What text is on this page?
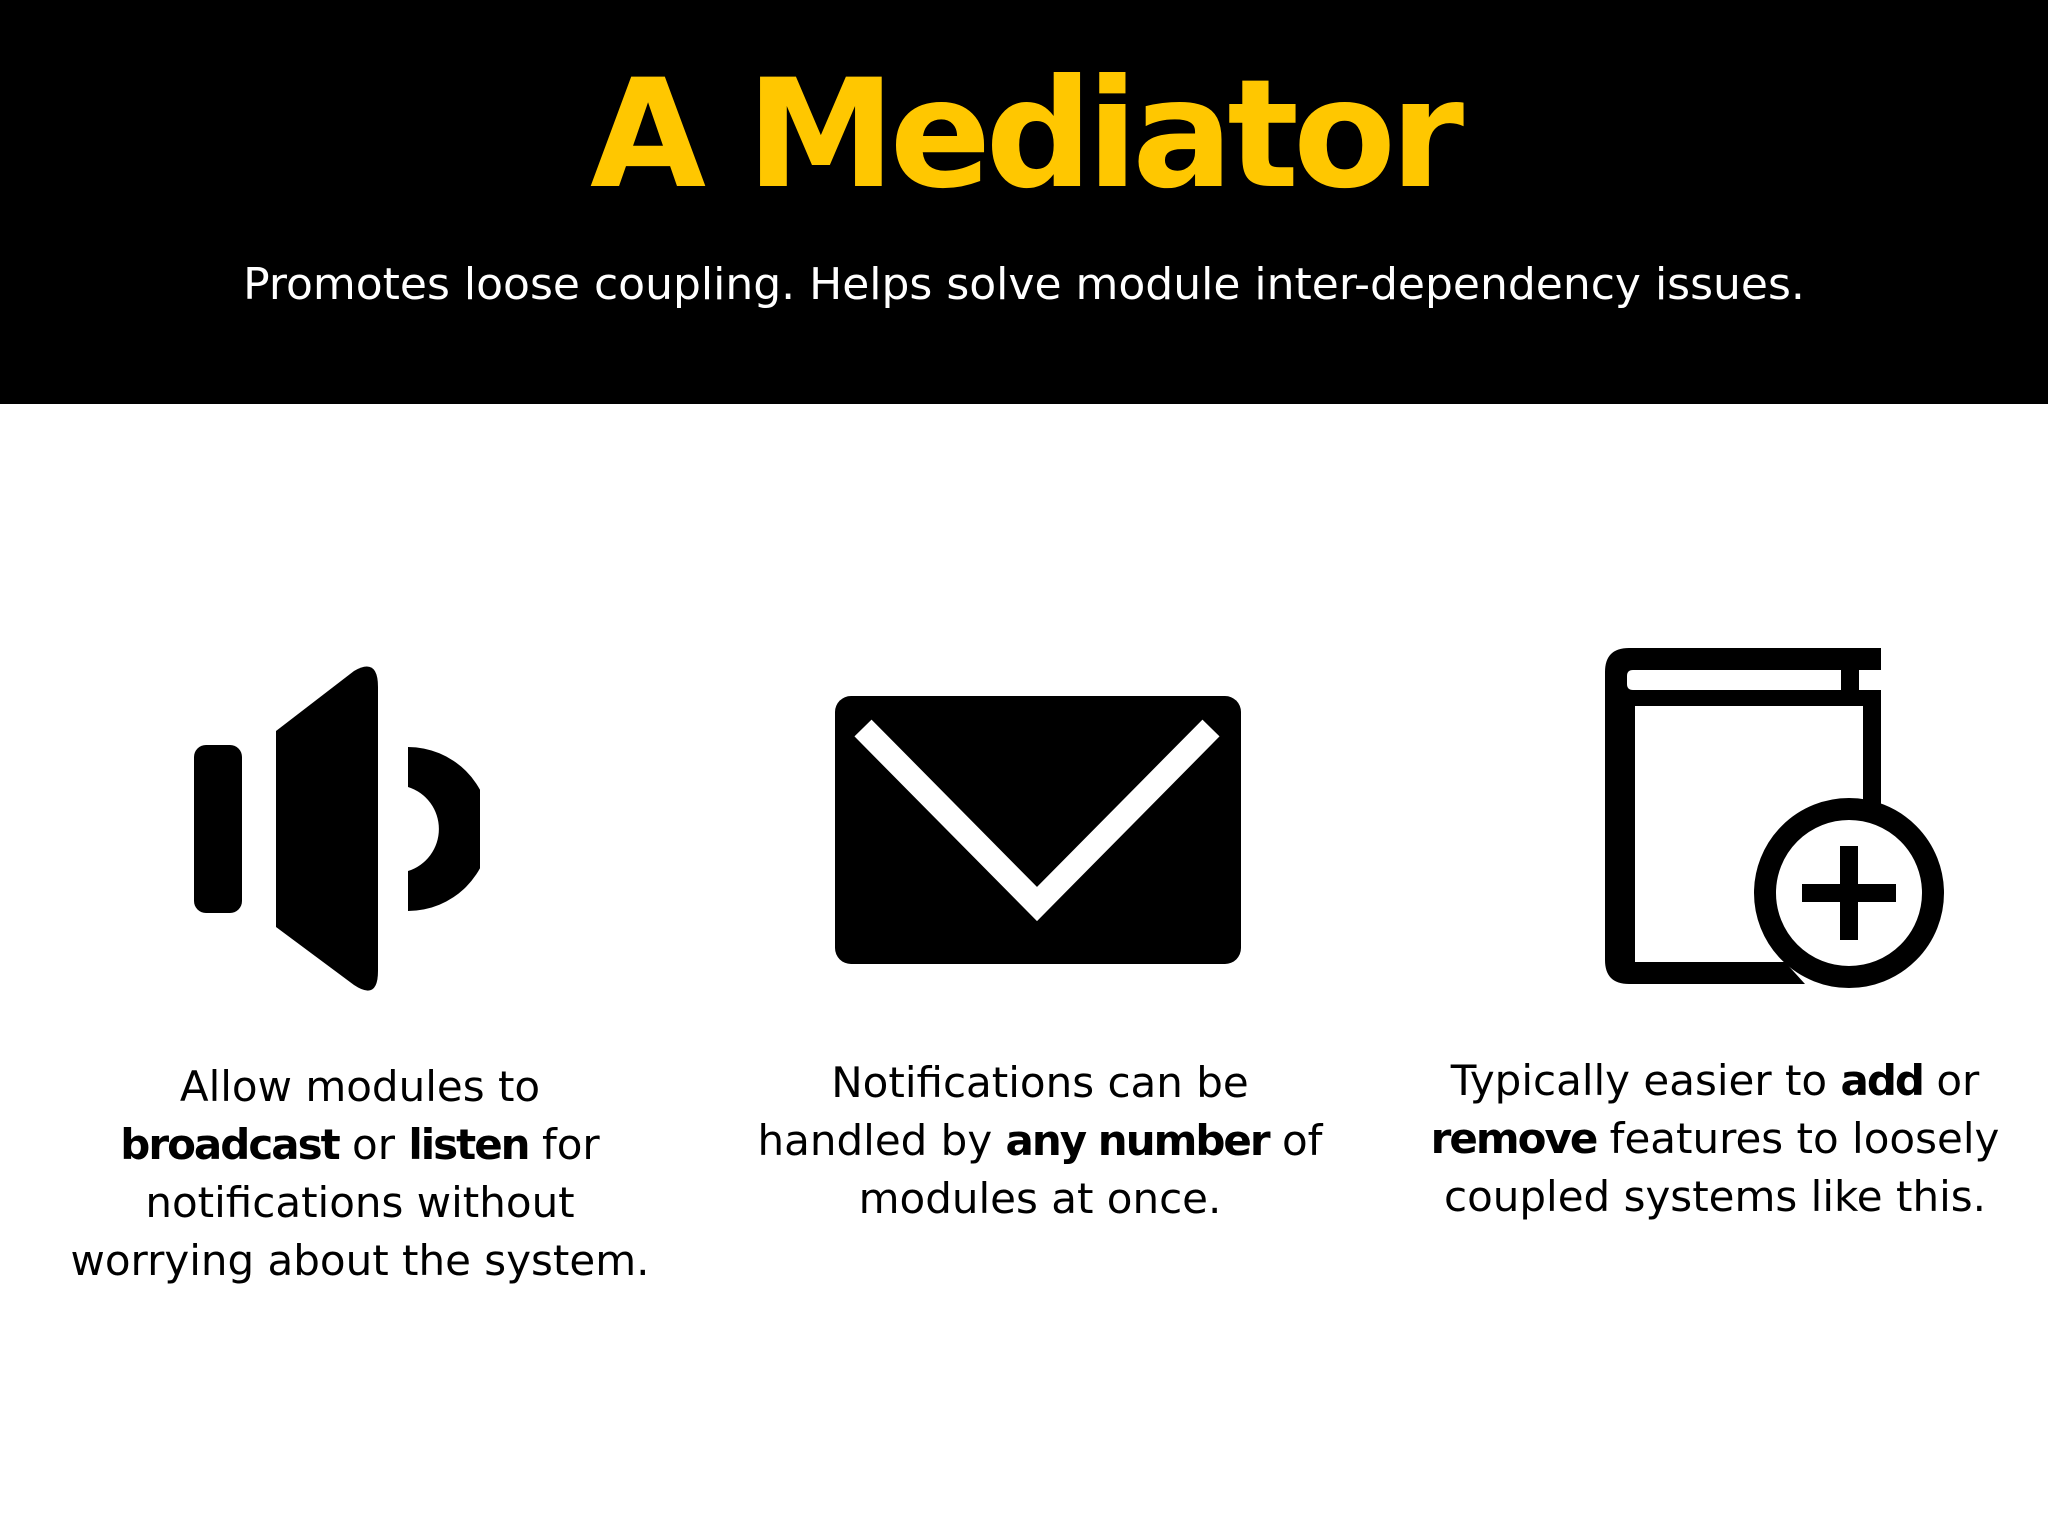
A Mediator
Promotes loose coupling. Helps solve module inter-dependency issues.
Allow modules to
broadcast or listen for
notifications without
worrying about the system.
Notifications can be
handled by any number of
modules at once.
Typically easier to add or
remove features to loosely
coupled systems like this.
